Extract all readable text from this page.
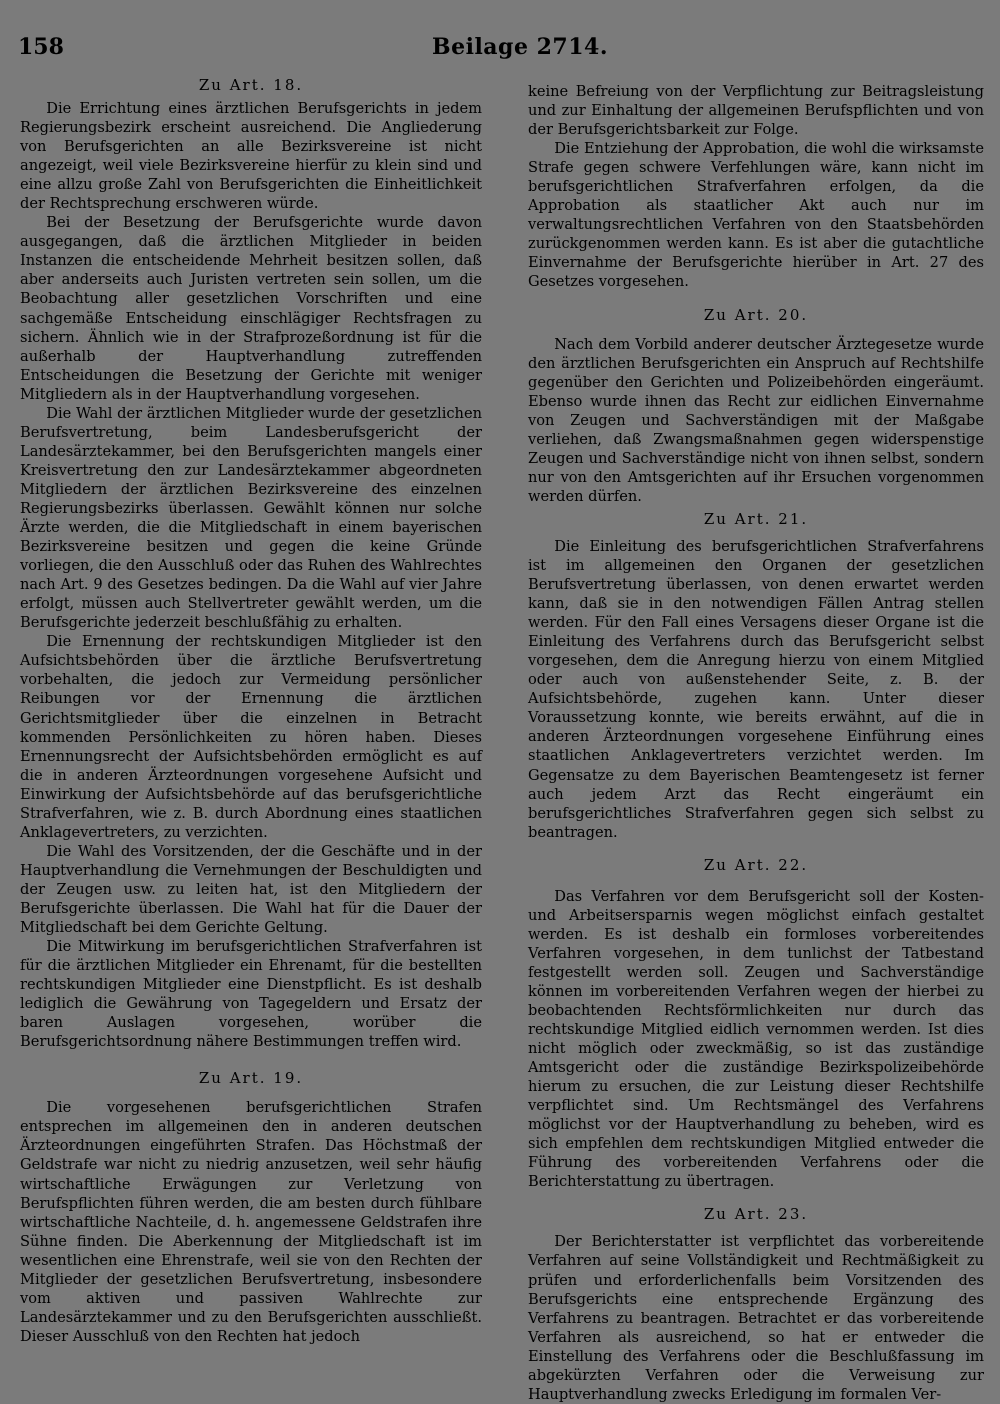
158	Beilage 2714.
Zu Art. 18.

Die Errichtung eines ärztlichen Berufsgerichts in jedem Regierungsbezirk erscheint ausreichend. Die Angliederung von Berufsgerichten an alle Bezirksvereine ist nicht angezeigt, weil viele Bezirksvereine hierfür zu klein sind und eine allzu große Zahl von Berufsgerichten die Einheitlichkeit der Rechtsprechung erschweren würde.

Bei der Besetzung der Berufsgerichte wurde davon ausgegangen, daß die ärztlichen Mitglieder in beiden Instanzen die entscheidende Mehrheit besitzen sollen, daß aber anderseits auch Juristen vertreten sein sollen, um die Beobachtung aller gesetzlichen Vorschriften und eine sachgemäße Entscheidung einschlägiger Rechtsfragen zu sichern. Ähnlich wie in der Strafprozeßordnung ist für die außerhalb der Hauptverhandlung zutreffenden Entscheidungen die Besetzung der Gerichte mit weniger Mitgliedern als in der Hauptverhandlung vorgesehen.

Die Wahl der ärztlichen Mitglieder wurde der gesetzlichen Berufsvertretung, beim Landesberufsgericht der Landesärztekammer, bei den Berufsgerichten mangels einer Kreisvertretung den zur Landesärztekammer abgeordneten Mitgliedern der ärztlichen Bezirksvereine des einzelnen Regierungsbezirks überlassen. Gewählt können nur solche Ärzte werden, die die Mitgliedschaft in einem bayerischen Bezirksvereine besitzen und gegen die keine Gründe vorliegen, die den Ausschluß oder das Ruhen des Wahlrechtes nach Art. 9 des Gesetzes bedingen. Da die Wahl auf vier Jahre erfolgt, müssen auch Stellvertreter gewählt werden, um die Berufsgerichte jederzeit beschlußfähig zu erhalten.

Die Ernennung der rechtskundigen Mitglieder ist den Aufsichtsbehörden über die ärztliche Berufsvertretung vorbehalten, die jedoch zur Vermeidung persönlicher Reibungen vor der Ernennung die ärztlichen Gerichtsmitglieder über die einzelnen in Betracht kommenden Persönlichkeiten zu hören haben. Dieses Ernennungsrecht der Aufsichtsbehörden ermöglicht es auf die in anderen Ärzteordnungen vorgesehene Aufsicht und Einwirkung der Aufsichtsbehörde auf das berufsgerichtliche Strafverfahren, wie z. B. durch Abordnung eines staatlichen Anklagevertreters, zu verzichten.

Die Wahl des Vorsitzenden, der die Geschäfte und in der Hauptverhandlung die Vernehmungen der Beschuldigten und der Zeugen usw. zu leiten hat, ist den Mitgliedern der Berufsgerichte überlassen. Die Wahl hat für die Dauer der Mitgliedschaft bei dem Gerichte Geltung.

Die Mitwirkung im berufsgerichtlichen Strafverfahren ist für die ärztlichen Mitglieder ein Ehrenamt, für die bestellten rechtskundigen Mitglieder eine Dienstpflicht. Es ist deshalb lediglich die Gewährung von Tagegeldern und Ersatz der baren Auslagen vorgesehen, worüber die Berufsgerichtsordnung nähere Bestimmungen treffen wird.

Zu Art. 19.

Die vorgesehenen berufsgerichtlichen Strafen entsprechen im allgemeinen den in anderen deutschen Ärzteordnungen eingeführten Strafen. Das Höchstmaß der Geldstrafe war nicht zu niedrig anzusetzen, weil sehr häufig wirtschaftliche Erwägungen zur Verletzung von Berufspflichten führen werden, die am besten durch fühlbare wirtschaftliche Nachteile, d. h. angemessene Geldstrafen ihre Sühne finden. Die Aberkennung der Mitgliedschaft ist im wesentlichen eine Ehrenstrafe, weil sie von den Rechten der Mitglieder der gesetzlichen Berufsvertretung, insbesondere vom aktiven und passiven Wahlrechte zur Landesärztekammer und zu den Berufsgerichten ausschließt. Dieser Ausschluß von den Rechten hat jedoch

keine Befreiung von der Verpflichtung zur Beitragsleistung und zur Einhaltung der allgemeinen Berufspflichten und von der Berufsgerichtsbarkeit zur Folge.

Die Entziehung der Approbation, die wohl die wirksamste Strafe gegen schwere Verfehlungen wäre, kann nicht im berufsgerichtlichen Strafverfahren erfolgen, da die Approbation als staatlicher Akt auch nur im verwaltungsrechtlichen Verfahren von den Staatsbehörden zurückgenommen werden kann. Es ist aber die gutachtliche Einvernahme der Berufsgerichte hierüber in Art. 27 des Gesetzes vorgesehen.

Zu Art. 20.

Nach dem Vorbild anderer deutscher Ärztegesetze wurde den ärztlichen Berufsgerichten ein Anspruch auf Rechtshilfe gegenüber den Gerichten und Polizeibehörden eingeräumt. Ebenso wurde ihnen das Recht zur eidlichen Einvernahme von Zeugen und Sachverständigen mit der Maßgabe verliehen, daß Zwangsmaßnahmen gegen widerspenstige Zeugen und Sachverständige nicht von ihnen selbst, sondern nur von den Amtsgerichten auf ihr Ersuchen vorgenommen werden dürfen.

Zu Art. 21.

Die Einleitung des berufsgerichtlichen Strafverfahrens ist im allgemeinen den Organen der gesetzlichen Berufsvertretung überlassen, von denen erwartet werden kann, daß sie in den notwendigen Fällen Antrag stellen werden. Für den Fall eines Versagens dieser Organe ist die Einleitung des Verfahrens durch das Berufsgericht selbst vorgesehen, dem die Anregung hierzu von einem Mitglied oder auch von außenstehender Seite, z. B. der Aufsichtsbehörde, zugehen kann. Unter dieser Voraussetzung konnte, wie bereits erwähnt, auf die in anderen Ärzteordnungen vorgesehene Einführung eines staatlichen Anklagevertreters verzichtet werden. Im Gegensatze zu dem Bayerischen Beamtengesetz ist ferner auch jedem Arzt das Recht eingeräumt ein berufsgerichtliches Strafverfahren gegen sich selbst zu beantragen.

Zu Art. 22.

Das Verfahren vor dem Berufsgericht soll der Kosten- und Arbeitsersparnis wegen möglichst einfach gestaltet werden. Es ist deshalb ein formloses vorbereitendes Verfahren vorgesehen, in dem tunlichst der Tatbestand festgestellt werden soll. Zeugen und Sachverständige können im vorbereitenden Verfahren wegen der hierbei zu beobachtenden Rechtsförmlichkeiten nur durch das rechtskundige Mitglied eidlich vernommen werden. Ist dies nicht möglich oder zweckmäßig, so ist das zuständige Amtsgericht oder die zuständige Bezirkspolizeibehörde hierum zu ersuchen, die zur Leistung dieser Rechtshilfe verpflichtet sind. Um Rechtsmängel des Verfahrens möglichst vor der Hauptverhandlung zu beheben, wird es sich empfehlen dem rechtskundigen Mitglied entweder die Führung des vorbereitenden Verfahrens oder die Berichterstattung zu übertragen.

Zu Art. 23.

Der Berichterstatter ist verpflichtet das vorbereitende Verfahren auf seine Vollständigkeit und Rechtmäßigkeit zu prüfen und erforderlichenfalls beim Vorsitzenden des Berufsgerichts eine entsprechende Ergänzung des Verfahrens zu beantragen. Betrachtet er das vorbereitende Verfahren als ausreichend, so hat er entweder die Einstellung des Verfahrens oder die Beschlußfassung im abgekürzten Verfahren oder die Verweisung zur Hauptverhandlung zwecks Erledigung im formalen Ver-
